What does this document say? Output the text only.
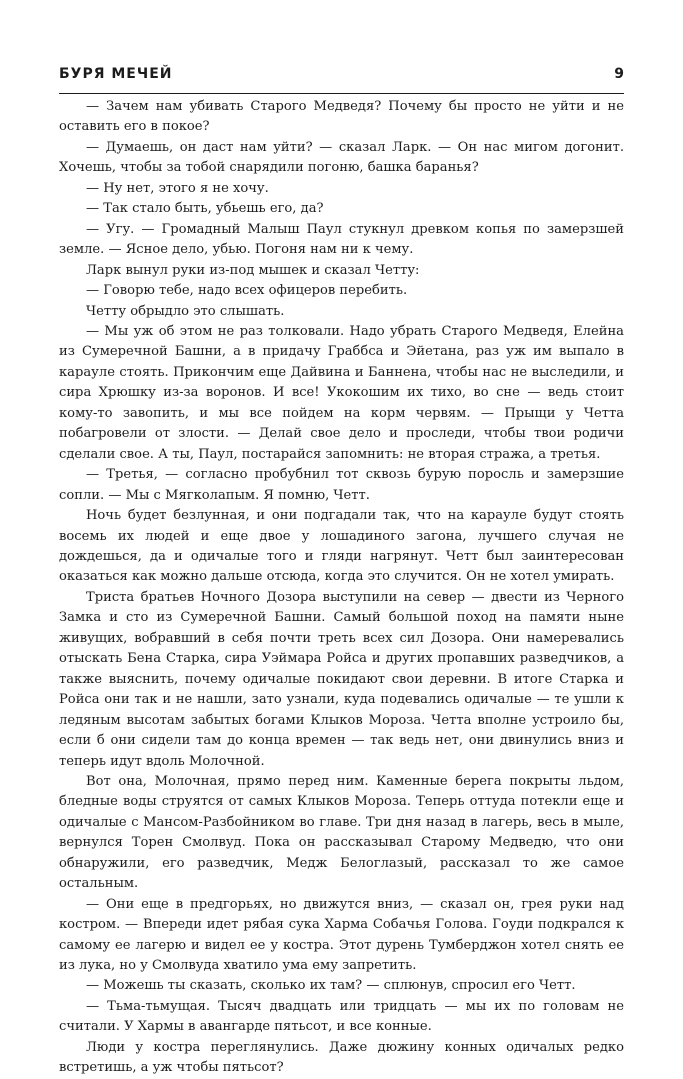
БУРЯ МЕЧЕЙ	9

— Зачем нам убивать Старого Медведя? Почему бы просто не уйти и не оставить его в покое?

— Думаешь, он даст нам уйти? — сказал Ларк. — Он нас мигом догонит. Хочешь, чтобы за тобой снарядили погоню, башка баранья?

— Ну нет, этого я не хочу.

— Так стало быть, убьешь его, да?

— Угу. — Громадный Малыш Паул стукнул древком копья по замерзшей земле. — Ясное дело, убью. Погоня нам ни к чему.

Ларк вынул руки из-под мышек и сказал Четту:

— Говорю тебе, надо всех офицеров перебить.

Четту обрыдло это слышать.

— Мы уж об этом не раз толковали. Надо убрать Старого Медведя, Елейна из Сумеречной Башни, а в придачу Граббса и Эйетана, раз уж им выпало в карауле стоять. Прикончим еще Дайвина и Баннена, чтобы нас не выследили, и сира Хрюшку из-за воронов. И все! Укокошим их тихо, во сне — ведь стоит кому-то завопить, и мы все пойдем на корм червям. — Прыщи у Четта побагровели от злости. — Делай свое дело и проследи, чтобы твои родичи сделали свое. А ты, Паул, постарайся запомнить: не вторая стража, а третья.

— Третья, — согласно пробубнил тот сквозь бурую поросль и замерзшие сопли. — Мы с Мягколапым. Я помню, Четт.

Ночь будет безлунная, и они подгадали так, что на карауле будут стоять восемь их людей и еще двое у лошадиного загона, лучшего случая не дождешься, да и одичалые того и гляди нагрянут. Четт был заинтересован оказаться как можно дальше отсюда, когда это случится. Он не хотел умирать.

Триста братьев Ночного Дозора выступили на север — двести из Черного Замка и сто из Сумеречной Башни. Самый большой поход на памяти ныне живущих, вобравший в себя почти треть всех сил Дозора. Они намеревались отыскать Бена Старка, сира Уэймара Ройса и других пропавших разведчиков, а также выяснить, почему одичалые покидают свои деревни. В итоге Старка и Ройса они так и не нашли, зато узнали, куда подевались одичалые — те ушли к ледяным высотам забытых богами Клыков Мороза. Четта вполне устроило бы, если б они сидели там до конца времен — так ведь нет, они двинулись вниз и теперь идут вдоль Молочной.

Вот она, Молочная, прямо перед ним. Каменные берега покрыты льдом, бледные воды струятся от самых Клыков Мороза. Теперь оттуда потекли еще и одичалые с Мансом-Разбойником во главе. Три дня назад в лагерь, весь в мыле, вернулся Торен Смолвуд. Пока он рассказывал Старому Медведю, что они обнаружили, его разведчик, Медж Белоглазый, рассказал то же самое остальным.

— Они еще в предгорьях, но движутся вниз, — сказал он, грея руки над костром. — Впереди идет рябая сука Харма Собачья Голова. Гоуди подкрался к самому ее лагерю и видел ее у костра. Этот дурень Тумберджон хотел снять ее из лука, но у Смолвуда хватило ума ему запретить.

— Можешь ты сказать, сколько их там? — сплюнув, спросил его Четт.

— Тьма-тьмущая. Тысяч двадцать или тридцать — мы их по головам не считали. У Хармы в авангарде пятьсот, и все конные.

Люди у костра переглянулись. Даже дюжину конных одичалых редко встретишь, а уж чтобы пятьсот?
